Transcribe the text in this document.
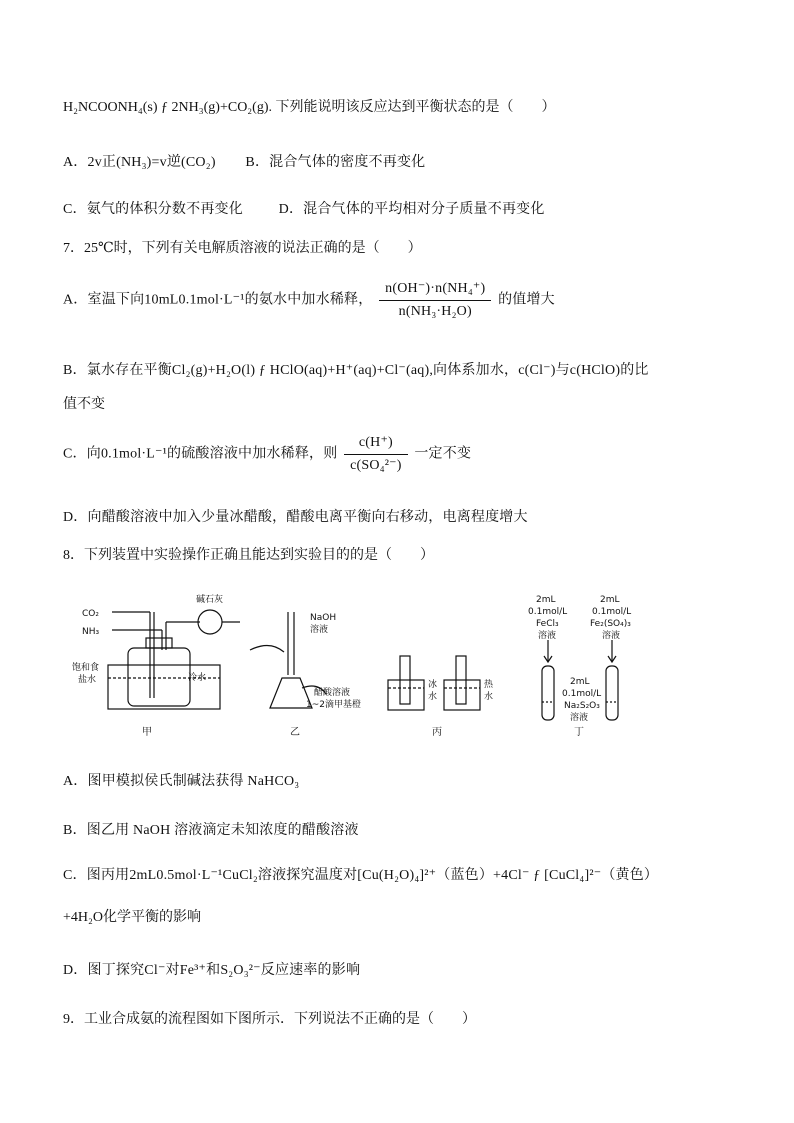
H₂NCOONH₄(s) ƒ 2NH₃(g)+CO₂(g). 下列能说明该反应达到平衡状态的是（　　）
A．2v正(NH₃)=v逆(CO₂) B．混合气体的密度不再变化
C．氨气的体积分数不再变化	D．混合气体的平均相对分子质量不再变化
7．25℃时，下列有关电解质溶液的说法正确的是（　　）
A．室温下向10mL0.1mol·L⁻¹的氨水中加水稀释， $\frac{\text{n(OH⁻)·n(NH₄⁺)}}{\text{n(NH₃·H₂O)}}$ 的值增大
B．氯水存在平衡Cl₂(g)+H₂O(l) ƒ HClO(aq)+H⁺(aq)+Cl⁻(aq),向体系加水，c(Cl⁻)与c(HClO)的比
值不变
C．向0.1mol·L⁻¹的硫酸溶液中加水稀释，则 $\frac{c(H^+)}{\text{c(SO₄²⁻)}}$ 一定不变
D．向醋酸溶液中加入少量冰醋酸，醋酸电离平衡向右移动，电离程度增大
8．下列装置中实验操作正确且能达到实验目的的是（　　）
CO₂
NH₃
碱石灰
饱和食
盐水	冷水
甲
NaOH
溶液
醋酸溶液
1~2滴甲基橙
乙
冰
水
热
水
丙
2mL
0.1mol/L
FeCl₃
溶液
2mL
0.1mol/L
Fe₂(SO₄)₃
溶液
2mL
0.1mol/L
Na₂S₂O₃
溶液
丁
A．图甲模拟侯氏制碱法获得 NaHCO₃
B．图乙用 NaOH 溶液滴定未知浓度的醋酸溶液
C．图丙用2mL0.5mol·L⁻¹CuCl₂溶液探究温度对[Cu(H₂O)₄]²⁺（蓝色）+4Cl⁻ ƒ [CuCl₄]²⁻（黄色）
+4H₂O化学平衡的影响
D．图丁探究Cl⁻对Fe³⁺和S₂O₃²⁻反应速率的影响
9．工业合成氨的流程图如下图所示．下列说法不正确的是（　　）
